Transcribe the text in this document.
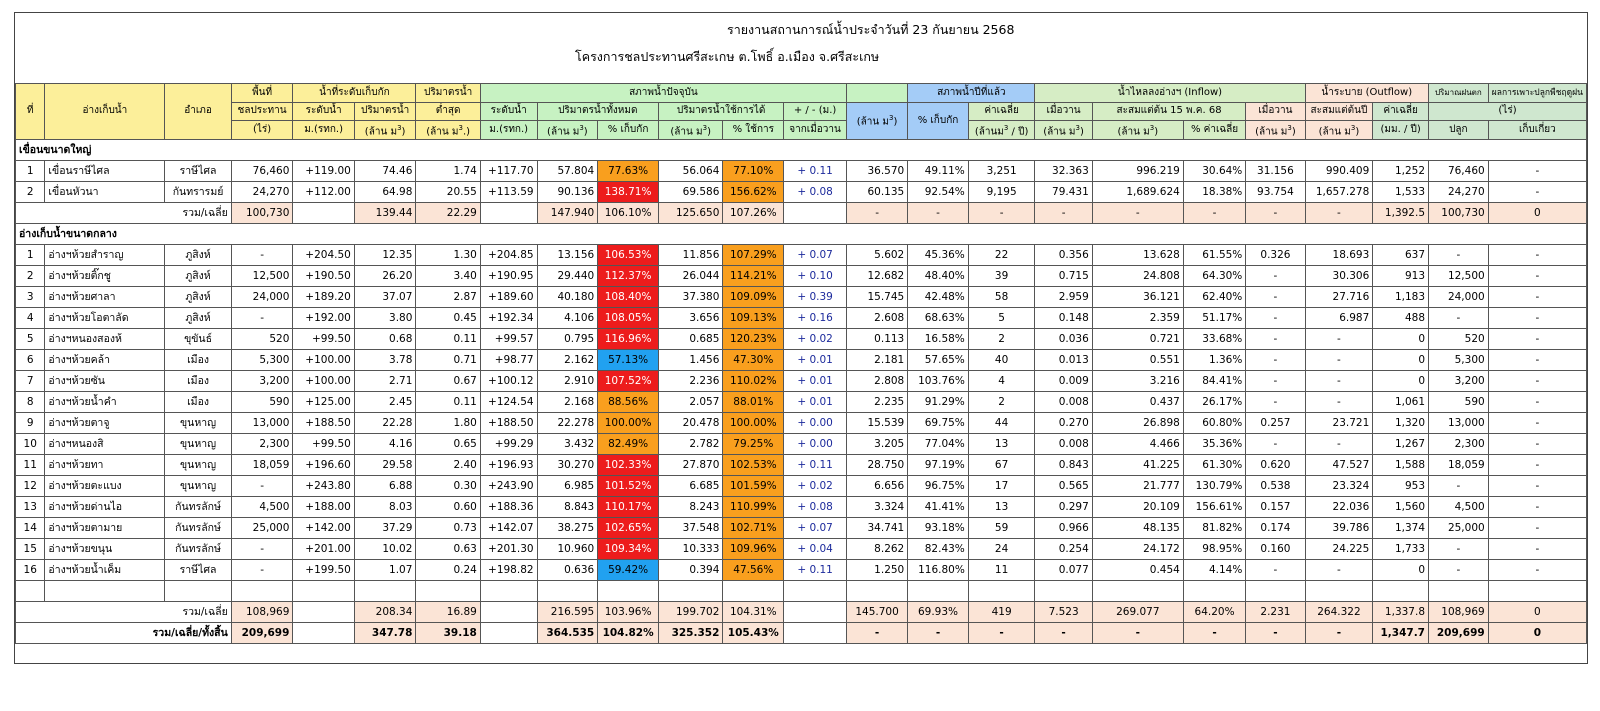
รายงานสถานการณ์น้ำประจำวันที่ 23 กันยายน 2568
โครงการชลประทานศรีสะเกษ ต.โพธิ์ อ.เมือง จ.ศรีสะเกษ
ที่	อ่างเก็บน้ำ	อำเภอ	พื้นที่	น้ำที่ระดับเก็บกัก		ปริมาตรน้ำ	สภาพน้ำปัจจุบัน							สภาพน้ำปีที่แล้ว		น้ำไหลลงอ่างฯ (Inflow)				น้ำระบาย (Outflow)		ปริมาณฝนตก	ผลการเพาะปลูกพืชฤดูฝน
			ชลประทาน	ระดับน้ำ	ปริมาตรน้ำ	ต่ำสุด	ระดับน้ำ	ปริมาตรน้ำทั้งหมด		ปริมาตรน้ำใช้การได้		+ / - (ม.)	(ล้าน ม$^3$)	% เก็บกัก	ค่าเฉลี่ย	เมื่อวาน	สะสมแต่ต้น 15 พ.ค. 68		เมื่อวาน	สะสมแต่ต้นปี	ค่าเฉลี่ย	(ไร่)	
			(ไร่)	ม.(รทก.)	(ล้าน ม$^3$)	(ล้าน ม$^3$.)	ม.(รทก.)	(ล้าน ม$^3$)	% เก็บกัก	(ล้าน ม$^3$)	% ใช้การ	จากเมื่อวาน			(ล้านม$^3$ / ปี)	(ล้าน ม$^3$)	(ล้าน ม$^3$)	% ค่าเฉลี่ย	(ล้าน ม$^3$)	(ล้าน ม$^3$)	(มม. / ปี)	ปลูก	เก็บเกี่ยว
เขื่อนขนาดใหญ่																							
1	เขื่อนราษีไศล	ราษีไศล	76,460	+119.00	74.46	1.74	+117.70	57.804	77.63%	56.064	77.10%	+ 0.11	36.570	49.11%	3,251	32.363	996.219	30.64%	31.156	990.409	1,252	76,460	-
2	เขื่อนหัวนา	กันทรารมย์	24,270	+112.00	64.98	20.55	+113.59	90.136	138.71%	69.586	156.62%	+ 0.08	60.135	92.54%	9,195	79.431	1,689.624	18.38%	93.754	1,657.278	1,533	24,270	-
รวม/เฉลี่ย			100,730		139.44	22.29		147.940	106.10%	125.650	107.26%		-	-	-	-	-	-	-	-	1,392.5	100,730	0
อ่างเก็บน้ำขนาดกลาง																							
1	อ่างฯห้วยสำราญ	ภูสิงห์	-	+204.50	12.35	1.30	+204.85	13.156	106.53%	11.856	107.29%	+ 0.07	5.602	45.36%	22	0.356	13.628	61.55%	0.326	18.693	637	-	-
2	อ่างฯห้วยติ๊กชู	ภูสิงห์	12,500	+190.50	26.20	3.40	+190.95	29.440	112.37%	26.044	114.21%	+ 0.10	12.682	48.40%	39	0.715	24.808	64.30%	-	30.306	913	12,500	-
3	อ่างฯห้วยศาลา	ภูสิงห์	24,000	+189.20	37.07	2.87	+189.60	40.180	108.40%	37.380	109.09%	+ 0.39	15.745	42.48%	58	2.959	36.121	62.40%	-	27.716	1,183	24,000	-
4	อ่างฯห้วยโอตาลัด	ภูสิงห์	-	+192.00	3.80	0.45	+192.34	4.106	108.05%	3.656	109.13%	+ 0.16	2.608	68.63%	5	0.148	2.359	51.17%	-	6.987	488	-	-
5	อ่างฯหนองสองห้	ขุขันธ์	520	+99.50	0.68	0.11	+99.57	0.795	116.96%	0.685	120.23%	+ 0.02	0.113	16.58%	2	0.036	0.721	33.68%	-	-	0	520	-
6	อ่างฯห้วยคล้า	เมือง	5,300	+100.00	3.78	0.71	+98.77	2.162	57.13%	1.456	47.30%	+ 0.01	2.181	57.65%	40	0.013	0.551	1.36%	-	-	0	5,300	-
7	อ่างฯห้วยซัน	เมือง	3,200	+100.00	2.71	0.67	+100.12	2.910	107.52%	2.236	110.02%	+ 0.01	2.808	103.76%	4	0.009	3.216	84.41%	-	-	0	3,200	-
8	อ่างฯห้วยน้ำคำ	เมือง	590	+125.00	2.45	0.11	+124.54	2.168	88.56%	2.057	88.01%	+ 0.01	2.235	91.29%	2	0.008	0.437	26.17%	-	-	1,061	590	-
9	อ่างฯห้วยตาจู	ขุนหาญ	13,000	+188.50	22.28	1.80	+188.50	22.278	100.00%	20.478	100.00%	+ 0.00	15.539	69.75%	44	0.270	26.898	60.80%	0.257	23.721	1,320	13,000	-
10	อ่างฯหนองสิ	ขุนหาญ	2,300	+99.50	4.16	0.65	+99.29	3.432	82.49%	2.782	79.25%	+ 0.00	3.205	77.04%	13	0.008	4.466	35.36%	-	-	1,267	2,300	-
11	อ่างฯห้วยทา	ขุนหาญ	18,059	+196.60	29.58	2.40	+196.93	30.270	102.33%	27.870	102.53%	+ 0.11	28.750	97.19%	67	0.843	41.225	61.30%	0.620	47.527	1,588	18,059	-
12	อ่างฯห้วยตะแบง	ขุนหาญ	-	+243.80	6.88	0.30	+243.90	6.985	101.52%	6.685	101.59%	+ 0.02	6.656	96.75%	17	0.565	21.777	130.79%	0.538	23.324	953	-	-
13	อ่างฯห้วยด่านไอ	กันทรลักษ์	4,500	+188.00	8.03	0.60	+188.36	8.843	110.17%	8.243	110.99%	+ 0.08	3.324	41.41%	13	0.297	20.109	156.61%	0.157	22.036	1,560	4,500	-
14	อ่างฯห้วยตามาย	กันทรลักษ์	25,000	+142.00	37.29	0.73	+142.07	38.275	102.65%	37.548	102.71%	+ 0.07	34.741	93.18%	59	0.966	48.135	81.82%	0.174	39.786	1,374	25,000	-
15	อ่างฯห้วยขนุน	กันทรลักษ์	-	+201.00	10.02	0.63	+201.30	10.960	109.34%	10.333	109.96%	+ 0.04	8.262	82.43%	24	0.254	24.172	98.95%	0.160	24.225	1,733	-	-
16	อ่างฯห้วยน้ำเค็ม	ราษีไศล	-	+199.50	1.07	0.24	+198.82	0.636	59.42%	0.394	47.56%	+ 0.11	1.250	116.80%	11	0.077	0.454	4.14%	-	-	0	-	-

รวม/เฉลี่ย			108,969		208.34	16.89		216.595	103.96%	199.702	104.31%		145.700	69.93%	419	7.523	269.077	64.20%	2.231	264.322	1,337.8	108,969	0
รวม/เฉลี่ย/ทั้งสิ้น			209,699		347.78	39.18		364.535	104.82%	325.352	105.43%		-	-	-	-	-	-	-	-	1,347.7	209,699	0
